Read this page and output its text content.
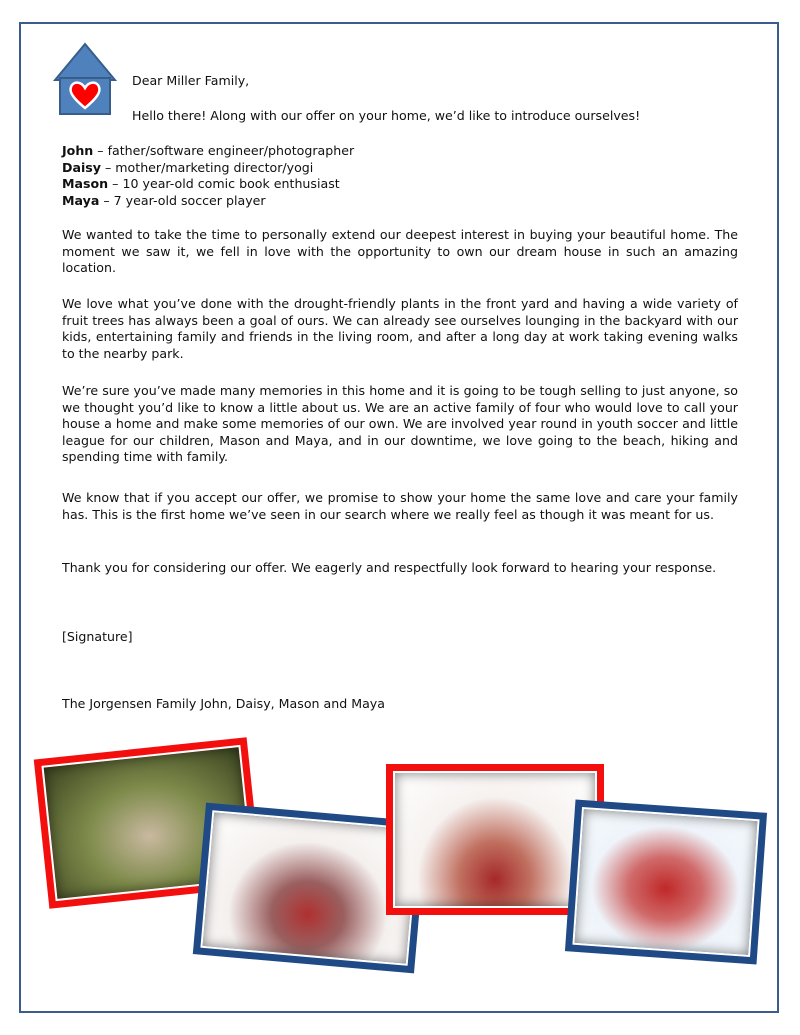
Dear Miller Family,
Hello there! Along with our offer on your home, we’d like to introduce ourselves!
John – father/software engineer/photographer
Daisy – mother/marketing director/yogi
Mason – 10 year-old comic book enthusiast
Maya – 7 year-old soccer player
We wanted to take the time to personally extend our deepest interest in buying your beautiful home. The moment we saw it, we fell in love with the opportunity to own our dream house in such an amazing location.
We love what you’ve done with the drought-friendly plants in the front yard and having a wide variety of fruit trees has always been a goal of ours. We can already see ourselves lounging in the backyard with our kids, entertaining family and friends in the living room, and after a long day at work taking evening walks to the nearby park.
We’re sure you’ve made many memories in this home and it is going to be tough selling to just anyone, so we thought you’d like to know a little about us. We are an active family of four who would love to call your house a home and make some memories of our own. We are involved year round in youth soccer and little league for our children, Mason and Maya, and in our downtime, we love going to the beach, hiking and spending time with family.
We know that if you accept our offer, we promise to show your home the same love and care your family has. This is the first home we’ve seen in our search where we really feel as though it was meant for us.
Thank you for considering our offer. We eagerly and respectfully look forward to hearing your response.
[Signature]
The Jorgensen Family John, Daisy, Mason and Maya
